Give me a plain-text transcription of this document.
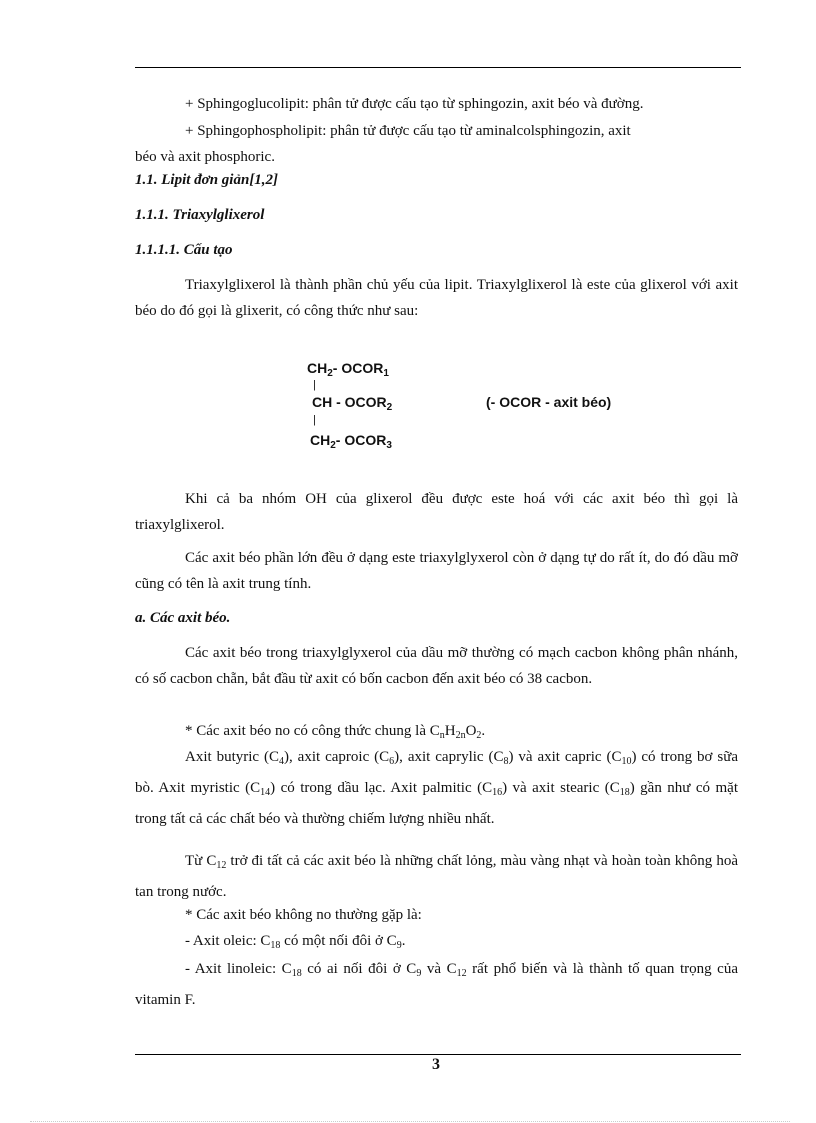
+ Sphingoglucolipit: phân tử được cấu tạo từ sphingozin, axit béo và đường.
+ Sphingophospholipit: phân tử được cấu tạo từ aminalcolsphingozin, axit
béo và axit phosphoric.
1.1. Lipit đơn giản[1,2]
1.1.1. Triaxylglixerol
1.1.1.1. Cấu tạo
Triaxylglixerol là thành phần chủ yếu của lipit. Triaxylglixerol là este của glixerol với axit béo do đó gọi là glixerit, có công thức như sau:
$CH_2-$ $OCOR_1$
|
CH - $OCOR_2$
|
$CH_2-$ $OCOR_3$
(- OCOR - axit béo)
Khi cả ba nhóm OH của glixerol đều được este hoá với các axit béo thì gọi là triaxylglixerol.
Các axit béo phần lớn đều ở dạng este triaxylglyxerol còn ở dạng tự do rất ít, do đó dầu mỡ cũng có tên là axit trung tính.
a. Các axit béo.
Các axit béo trong triaxylglyxerol của dầu mỡ thường có mạch cacbon không phân nhánh, có số cacbon chẵn, bắt đầu từ axit có bốn cacbon đến axit béo có 38 cacbon.
* Các axit béo no có công thức chung là $C_nH_{2n}O_2$.
Axit butyric $(C_4)$, axit caproic $(C_6)$, axit caprylic $(C_8)$ và axit capric $(C_{10})$ có trong bơ sữa bò. Axit myristic $(C_{14})$ có trong dầu lạc. Axit palmitic $(C_{16})$ và axit stearic $(C_{18})$ gần như có mặt trong tất cả các chất béo và thường chiếm lượng nhiều nhất.
Từ $C_{12}$ trở đi tất cả các axit béo là những chất lỏng, màu vàng nhạt và hoàn toàn không hoà tan trong nước.
* Các axit béo không no thường gặp là:
- Axit oleic: $C_{18}$ có một nối đôi ở $C_9$.
- Axit linoleic: $C_{18}$ có ai nối đôi ở $C_9$ và $C_{12}$ rất phổ biến và là thành tố quan trọng của vitamin F.
3
